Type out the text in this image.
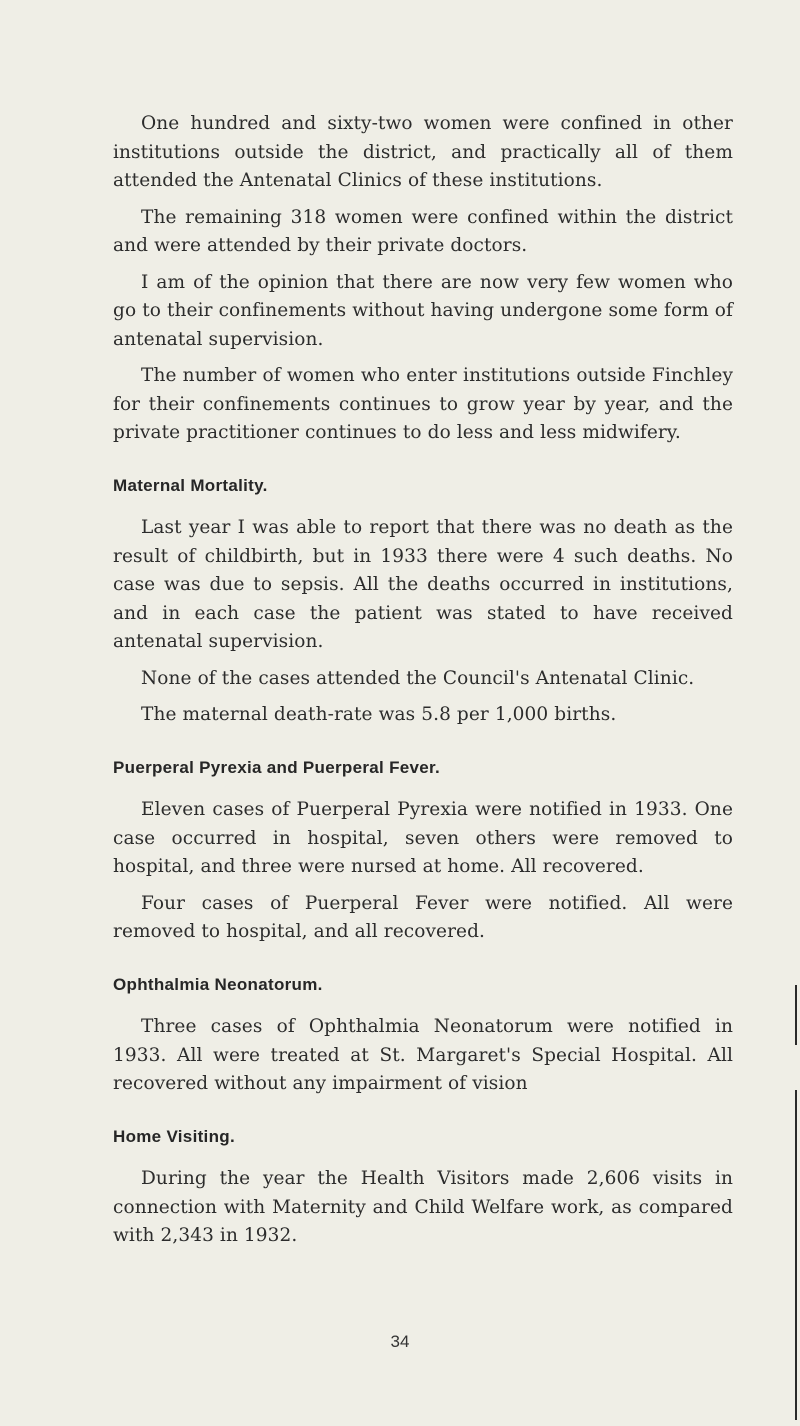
One hundred and sixty-two women were confined in other institutions outside the district, and practically all of them attended the Antenatal Clinics of these institutions.

The remaining 318 women were confined within the district and were attended by their private doctors.

I am of the opinion that there are now very few women who go to their confinements without having undergone some form of antenatal supervision.

The number of women who enter institutions outside Finchley for their confinements continues to grow year by year, and the private practitioner continues to do less and less midwifery.

Maternal Mortality.

Last year I was able to report that there was no death as the result of childbirth, but in 1933 there were 4 such deaths. No case was due to sepsis. All the deaths occurred in institutions, and in each case the patient was stated to have received antenatal supervision.

None of the cases attended the Council's Antenatal Clinic.

The maternal death-rate was 5.8 per 1,000 births.

Puerperal Pyrexia and Puerperal Fever.

Eleven cases of Puerperal Pyrexia were notified in 1933. One case occurred in hospital, seven others were removed to hospital, and three were nursed at home. All recovered.

Four cases of Puerperal Fever were notified. All were removed to hospital, and all recovered.

Ophthalmia Neonatorum.

Three cases of Ophthalmia Neonatorum were notified in 1933. All were treated at St. Margaret's Special Hospital. All recovered without any impairment of vision

Home Visiting.

During the year the Health Visitors made 2,606 visits in connection with Maternity and Child Welfare work, as compared with 2,343 in 1932.

34
